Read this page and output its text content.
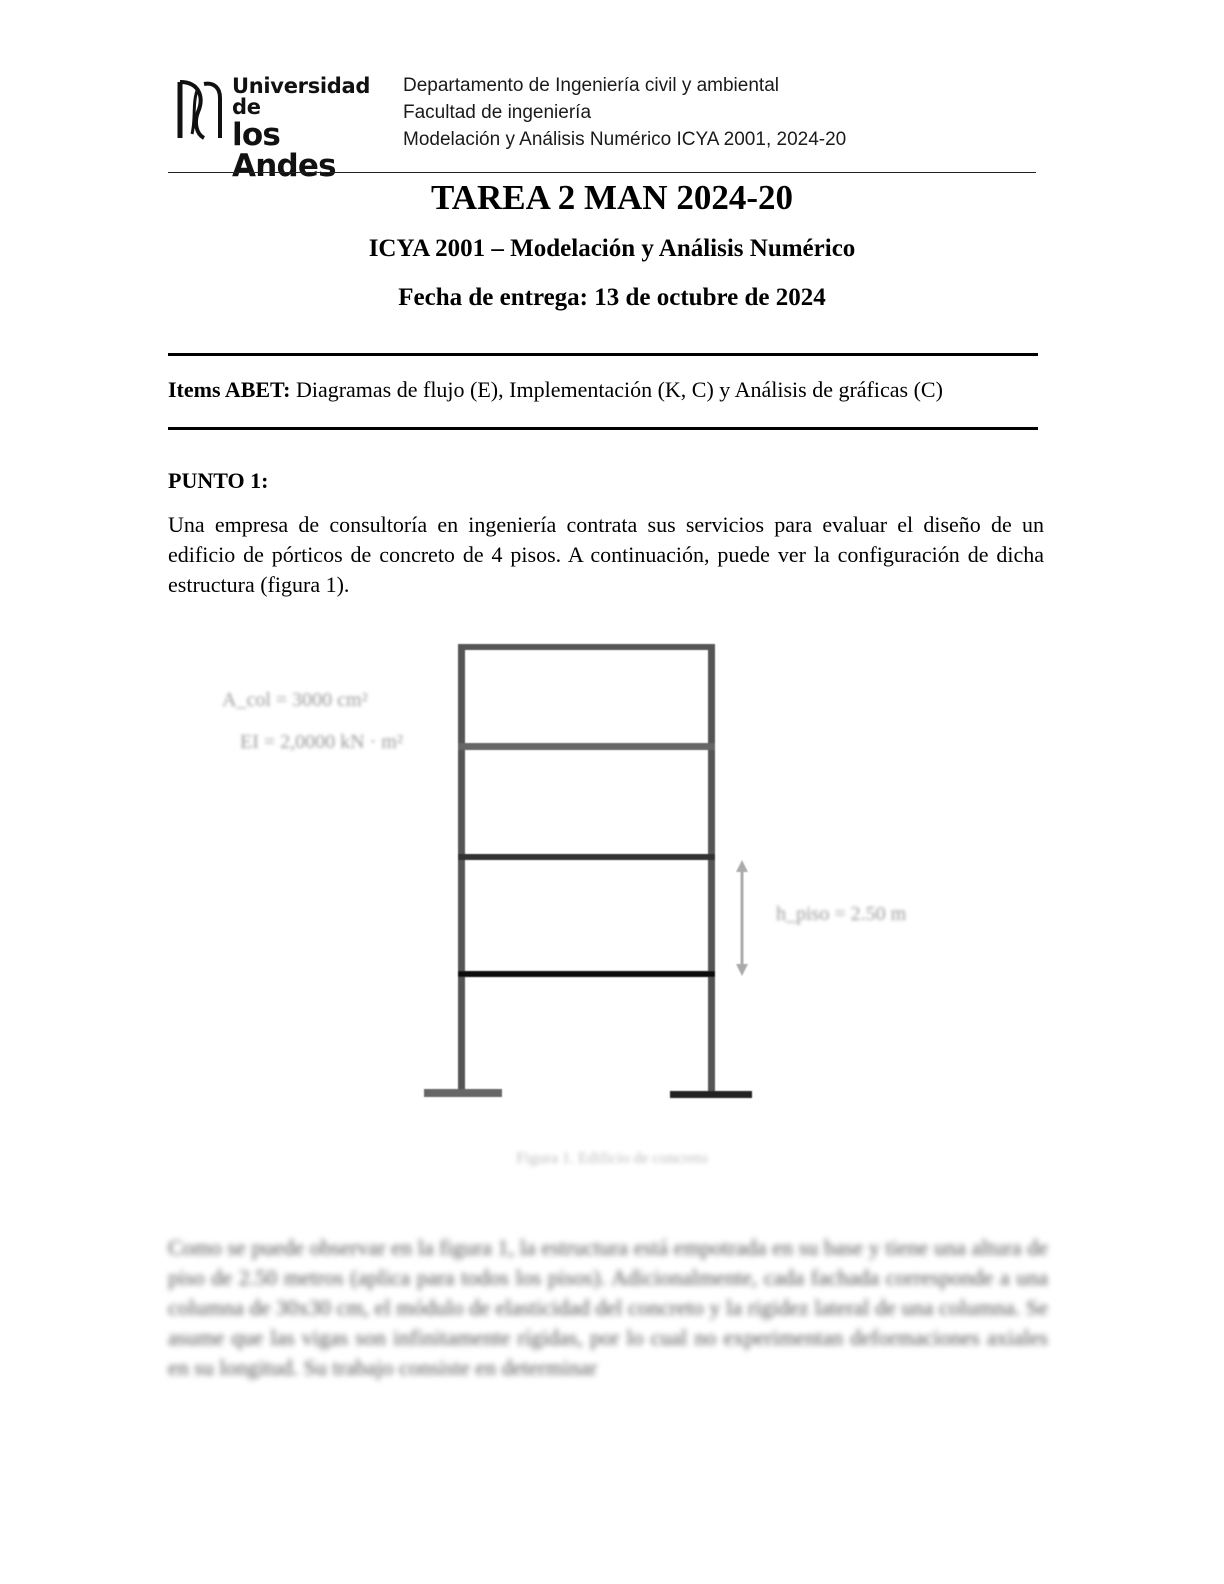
Universidad de
los Andes
Departamento de Ingeniería civil y ambiental
Facultad de ingeniería
Modelación y Análisis Numérico ICYA 2001, 2024-20
TAREA 2 MAN 2024-20
ICYA 2001 – Modelación y Análisis Numérico
Fecha de entrega: 13 de octubre de 2024
Items ABET: Diagramas de flujo (E), Implementación (K, C) y Análisis de gráficas (C)
PUNTO 1:
Una empresa de consultoría en ingeniería contrata sus servicios para evaluar el diseño de un edificio de pórticos de concreto de 4 pisos. A continuación, puede ver la configuración de dicha estructura (figura 1).
A_col = 3000 cm²
EI = 2,0000 kN · m²
h_piso = 2.50 m
Figura 1. Edificio de concreto
Como se puede observar en la figura 1, la estructura está empotrada en su base y tiene una altura de piso de 2.50 metros (aplica para todos los pisos). Adicionalmente, cada fachada corresponde a una columna de 30x30 cm, el módulo de elasticidad del concreto y la rigidez lateral de una columna. Se asume que las vigas son infinitamente rígidas, por lo cual no experimentan deformaciones axiales en su longitud. Su trabajo consiste en determinar
